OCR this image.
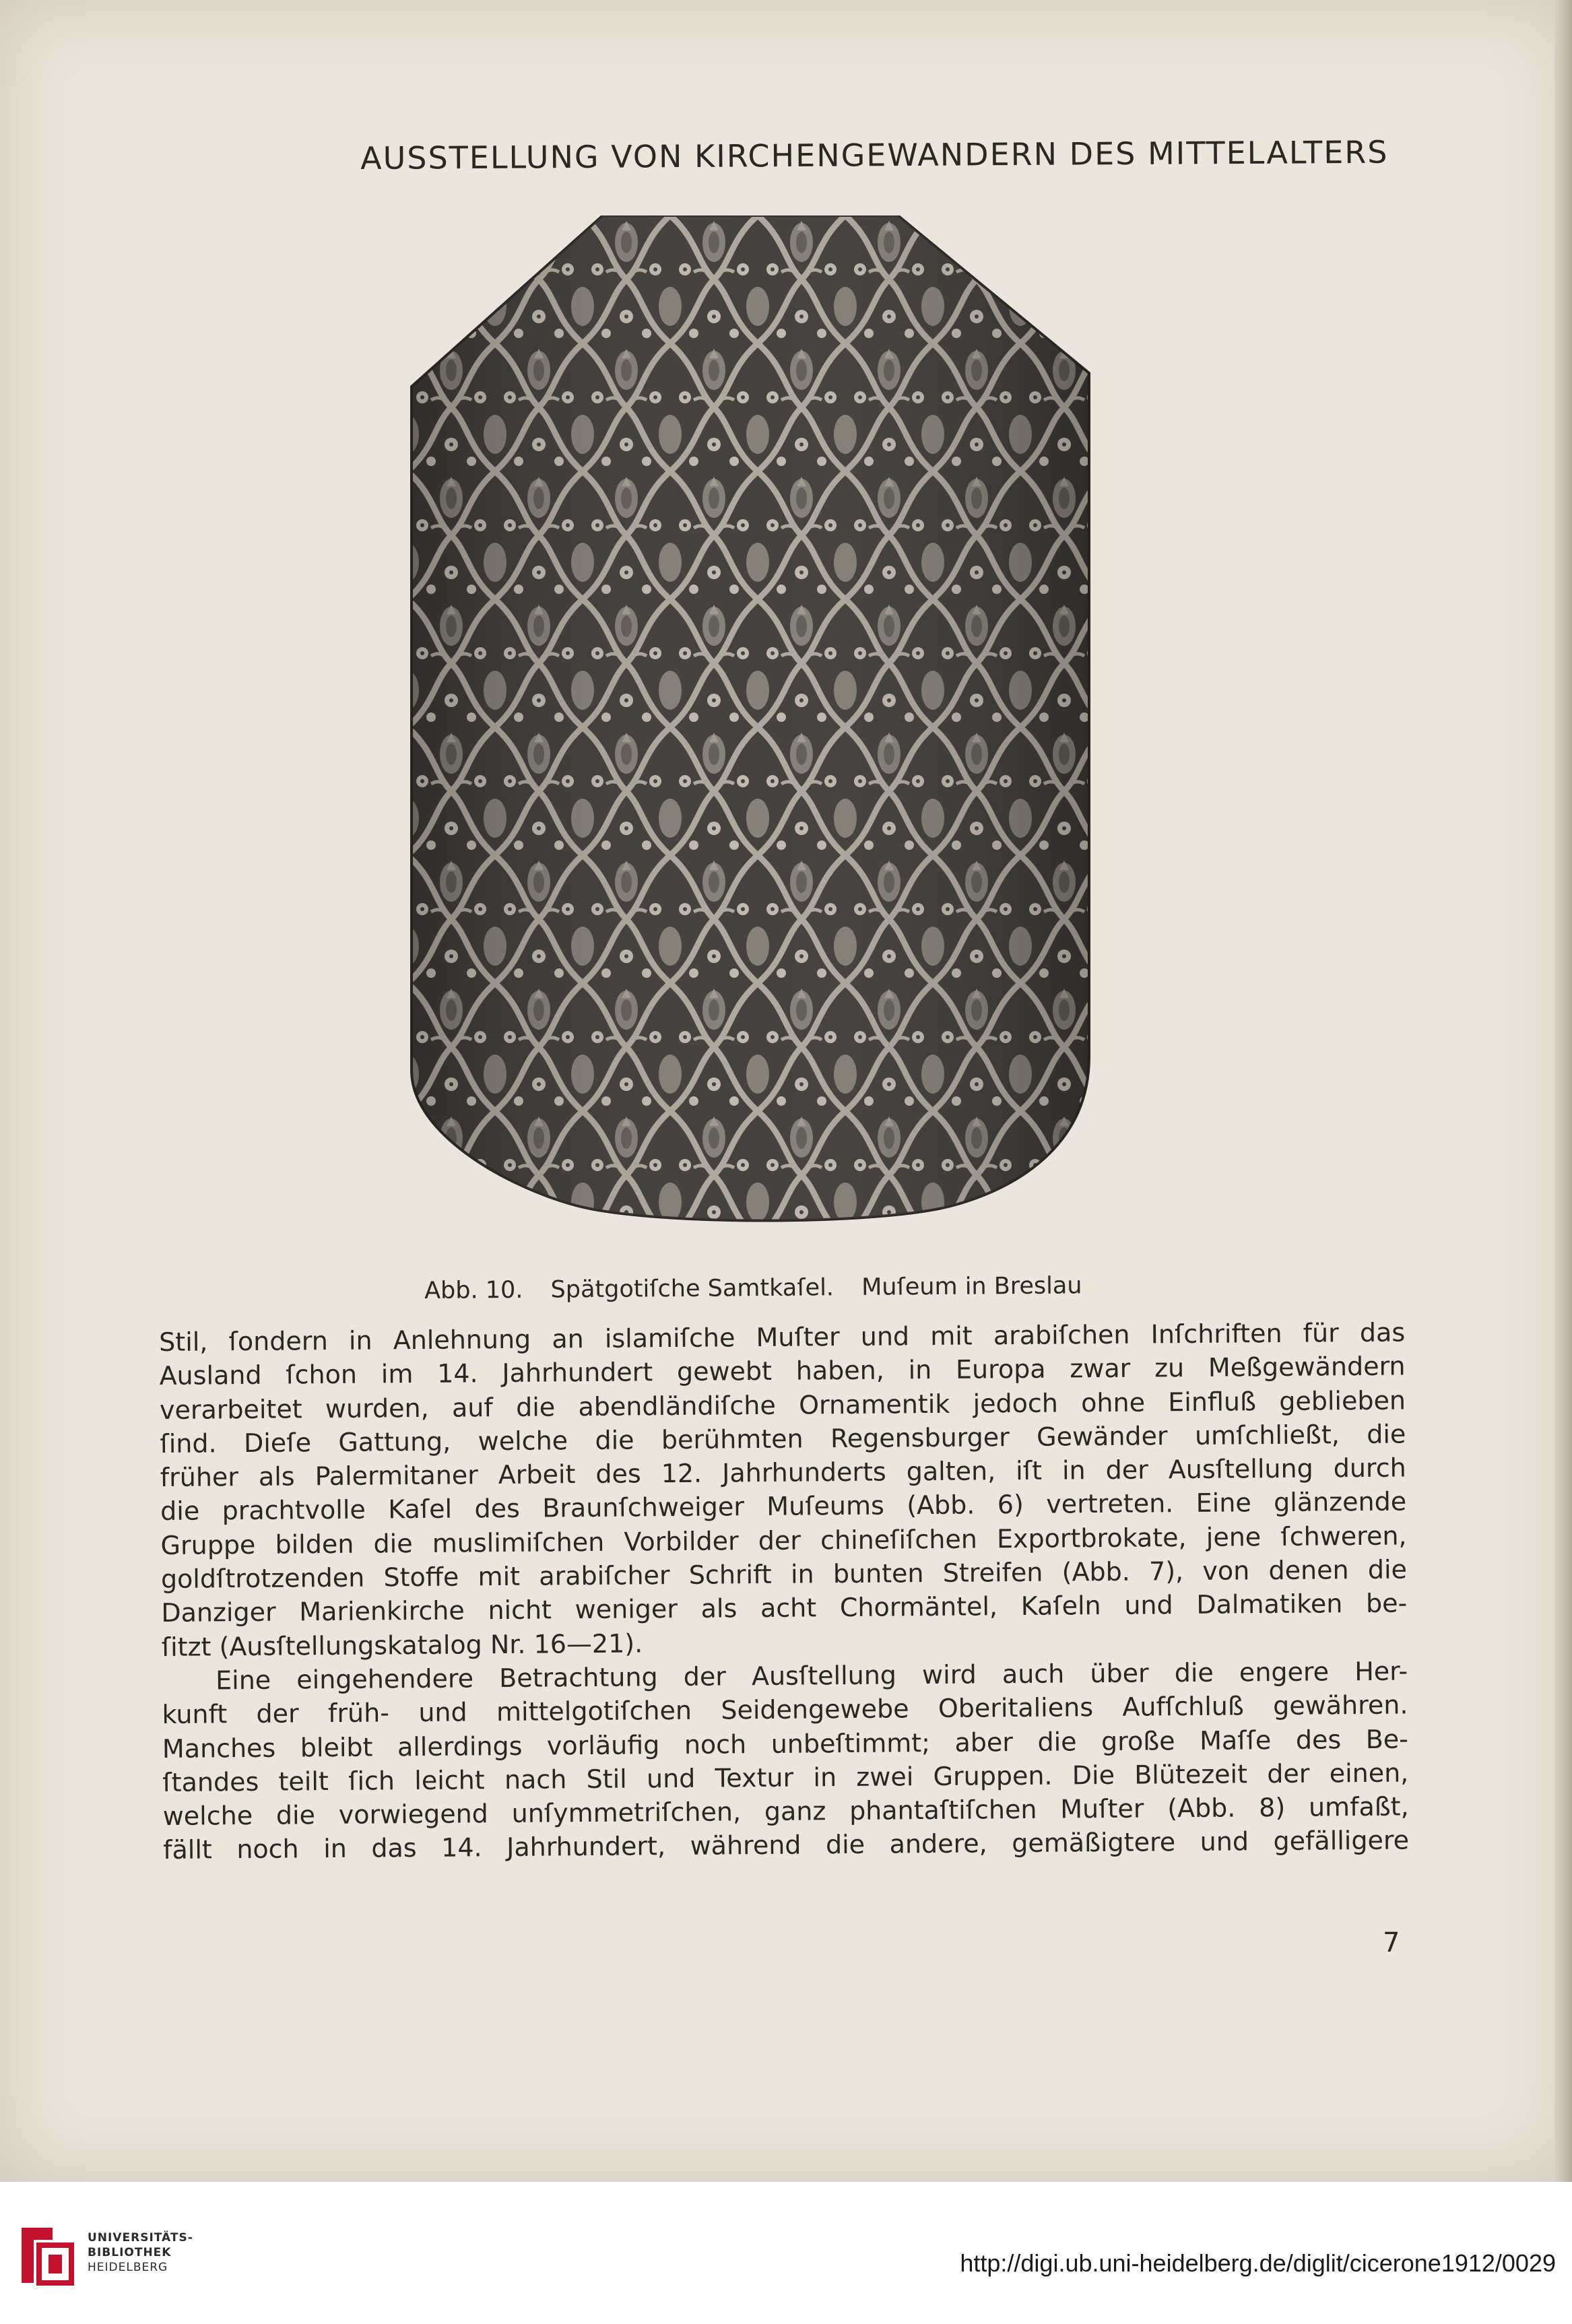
AUSSTELLUNG VON KIRCHENGEWANDERN DES MITTELALTERS
Abb. 10. Spätgotiſche Samtkaſel. Muſeum in Breslau
Stil, ſondern in Anlehnung an islamiſche Muſter und mit arabiſchen Inſchriften für das
Ausland ſchon im 14. Jahrhundert gewebt haben, in Europa zwar zu Meßgewändern
verarbeitet wurden, auf die abendländiſche Ornamentik jedoch ohne Einfluß geblieben
ſind. Dieſe Gattung, welche die berühmten Regensburger Gewänder umſchließt, die
früher als Palermitaner Arbeit des 12. Jahrhunderts galten, iſt in der Ausſtellung durch
die prachtvolle Kaſel des Braunſchweiger Muſeums (Abb. 6) vertreten. Eine glänzende
Gruppe bilden die muslimiſchen Vorbilder der chineſiſchen Exportbrokate, jene ſchweren,
goldſtrotzenden Stoffe mit arabiſcher Schrift in bunten Streifen (Abb. 7), von denen die
Danziger Marienkirche nicht weniger als acht Chormäntel, Kaſeln und Dalmatiken be-
ſitzt (Ausſtellungskatalog Nr. 16—21).
Eine eingehendere Betrachtung der Ausſtellung wird auch über die engere Her-
kunft der früh- und mittelgotiſchen Seidengewebe Oberitaliens Aufſchluß gewähren.
Manches bleibt allerdings vorläufig noch unbeſtimmt; aber die große Maſſe des Be-
ſtandes teilt ſich leicht nach Stil und Textur in zwei Gruppen. Die Blütezeit der einen,
welche die vorwiegend unſymmetriſchen, ganz phantaſtiſchen Muſter (Abb. 8) umfaßt,
fällt noch in das 14. Jahrhundert, während die andere, gemäßigtere und gefälligere
7
UNIVERSITÄTS-
BIBLIOTHEK
HEIDELBERG	http://digi.ub.uni-heidelberg.de/diglit/cicerone1912/0029
